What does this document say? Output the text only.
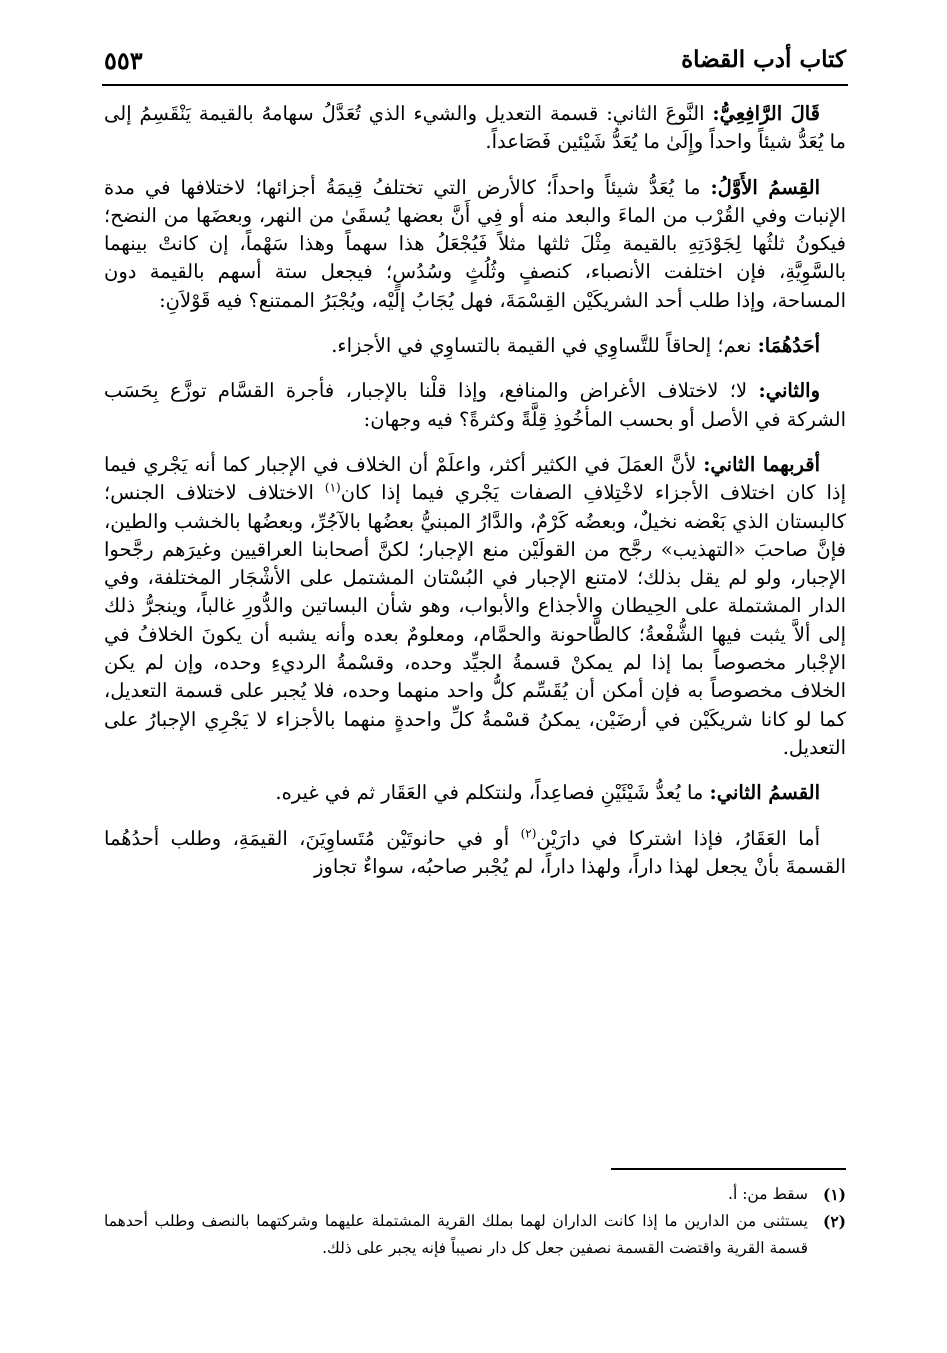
كتاب أدب القضاة
٥٥٣

قَالَ الرَّافِعِيُّ: النَّوعَ الثاني: قسمة التعديل والشيء الذي تُعَدَّلُ سهامهُ بالقيمة يَنْقَسِمُ إلى ما يُعَدُّ شيئاً واحداً وإِلَىٰ ما يُعَدُّ شَيْئين فَصَاعداً.

القِسمُ الأَوَّلُ: ما يُعَدُّ شيئاً واحداً؛ كالأرض التي تختلفُ قِيمَةُ أجزائها؛ لاختلافها في مدة الإنبات وفي القُرْب من الماءَ والبعد منه أو فِي أَنَّ بعضها يُسقَىٰ من النهر، وبعضَها من النضح؛ فيكونُ ثلثُها لِجَوْدَتِهِ بالقيمة مِثْلَ ثلثها مثلاً فَيُجْعَلُ هذا سهماً وهذا سَهْماً، إن كانتْ بينهما بالسَّوِيَّةِ، فإن اختلفت الأنصباء، كنصفٍ وثُلُثٍ وسُدُسٍ؛ فيجعل ستة أسهم بالقيمة دون المساحة، وإذا طلب أحد الشريكَيْن القِسْمَةَ، فهل يُجَابُ إلَيْه، ويُجْبَرُ الممتنع؟ فيه قَوْلاَنِ:

أحَدُهُمَا: نعم؛ إلحاقاً للتَّساوِي في القيمة بالتساوِي في الأجزاء.

والثاني: لا؛ لاختلاف الأغراض والمنافع، وإذا قلْنا بالإجبار، فأجرة القسَّام توزَّع بِحَسَب الشركة في الأصل أو بحسب المأخُوذِ قِلَّةً وكثرةً؟ فيه وجهان:

أقربهما الثاني: لأنَّ العمَلَ في الكثير أكثر، واعلَمْ أن الخلاف في الإجبار كما أنه يَجْري فيما إذا كان اختلاف الأجزاء لاخْتِلافِ الصفات يَجْري فيما إذا كان$^{(١)}$ الاختلاف لاختلاف الجنس؛ كالبستان الذي بَعْضه نخيلٌ، وبعضُه كَرْمٌ، والدَّارُ المبنيُّ بعضُها بالآجُرِّ، وبعضُها بالخشب والطين، فإنَّ صاحبَ «التهذيب» رجَّح من القولَيْن منع الإجبار؛ لكنَّ أصحابنا العراقيين وغيرَهم رجَّحوا الإجبار، ولو لم يقل بذلك؛ لامتنع الإجبار في البُسْتان المشتمل على الأشْجَار المختلفة، وفي الدار المشتملة على الحِيطان والأجذاع والأبواب، وهو شأن البساتين والدُّورِ غالباً، وينجرُّ ذلك إلى ألاَّ يثبت فيها الشُّفْعةُ؛ كالطَّاحونة والحمَّام، ومعلومٌ بعده وأنه يشبه أن يكونَ الخلافُ في الإجْبار مخصوصاً بما إذا لم يمكنْ قسمةُ الجيِّد وحده، وقسْمةُ الرديءِ وحده، وإن لم يكن الخلاف مخصوصاً به فإن أمكن أن يُقَسِّم كلُّ واحد منهما وحده، فلا يُجبر على قسمة التعديل، كما لو كانا شريكَيْن في أرضَيْن، يمكنُ قسْمةُ كلِّ واحدةٍ منهما بالأجزاء لا يَجْرِي الإجبارُ على التعديل.

القسمُ الثاني: ما يُعدُّ شَيْئَيْنِ فصاعِداً، ولنتكلم في العَقَار ثم في غيره.

أما العَقَارُ، فإذا اشتركا في دارَيْن$^{(٢)}$ أو في حانوتَيْن مُتَساوِيَنَ، القيمَةِ، وطلب أحدُهُما القسمةَ بأنْ يجعل لهذا داراً، ولهذا داراً، لم يُجْبر صاحبُه، سواءٌ تجاوز

(١)
سقط من: أ.
(٢)
يستثنى من الدارين ما إذا كانت الداران لهما بملك القرية المشتملة عليهما وشركتهما بالنصف وطلب أحدهما قسمة القرية واقتضت القسمة نصفين جعل كل دار نصيباً فإنه يجبر على ذلك.
